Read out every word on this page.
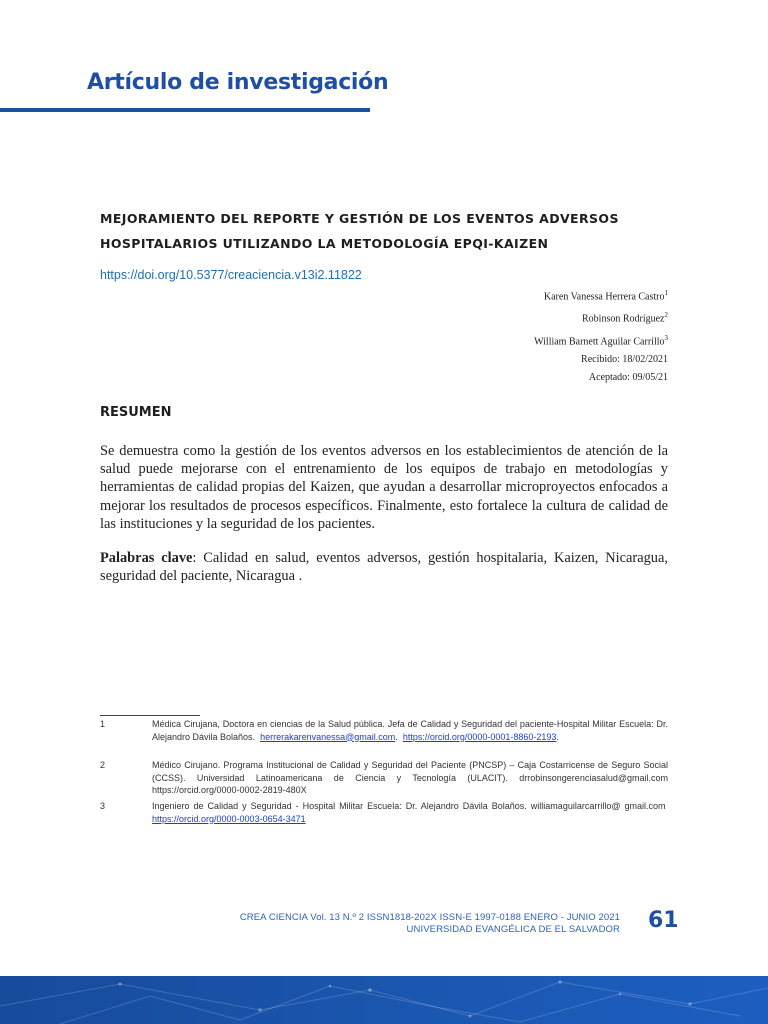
Artículo de investigación
MEJORAMIENTO DEL REPORTE Y GESTIÓN DE LOS EVENTOS ADVERSOS
HOSPITALARIOS UTILIZANDO LA METODOLOGÍA EPQI-KAIZEN
https://doi.org/10.5377/creaciencia.v13i2.11822
Karen Vanessa Herrera Castro$^1$
Robinson Rodríguez$^2$
William Barnett Aguilar Carrillo$^3$
Recibido: 18/02/2021
Aceptado: 09/05/21
RESUMEN
Se demuestra como la gestión de los eventos adversos en los establecimientos de atención de la salud puede mejorarse con el entrenamiento de los equipos de trabajo en metodologías y herramientas de calidad propias del Kaizen, que ayudan a desarrollar microproyectos enfocados a mejorar los resultados de procesos específicos. Finalmente, esto fortalece la cultura de calidad de las instituciones y la seguridad de los pacientes.
Palabras clave: Calidad en salud, eventos adversos, gestión hospitalaria, Kaizen, Nicaragua, seguridad del paciente, Nicaragua .
1	Médica Cirujana, Doctora en ciencias de la Salud pública. Jefa de Calidad y Seguridad del paciente-Hospital Militar Escuela: Dr. Alejandro Dávila Bolaños. herrerakarenvanessa@gmail.com. https://orcid.org/0000-0001-8860-2193.
2	Médico Cirujano. Programa Institucional de Calidad y Seguridad del Paciente (PNCSP) – Caja Costarricense de Seguro Social (CCSS). Universidad Latinoamericana de Ciencia y Tecnología (ULACIT). drrobinsongerenciasalud@gmail.com https://orcid.org/0000-0002-2819-480X
3	Ingeniero de Calidad y Seguridad - Hospital Militar Escuela: Dr. Alejandro Dávila Bolaños. williamaguilarcarrillo@ gmail.com  https://orcid.org/0000-0003-0654-3471
CREA CIENCIA Vol. 13 N.º 2 ISSN1818-202X ISSN-E 1997-0188 ENERO - JUNIO 2021
UNIVERSIDAD EVANGÉLICA DE EL SALVADOR 61
